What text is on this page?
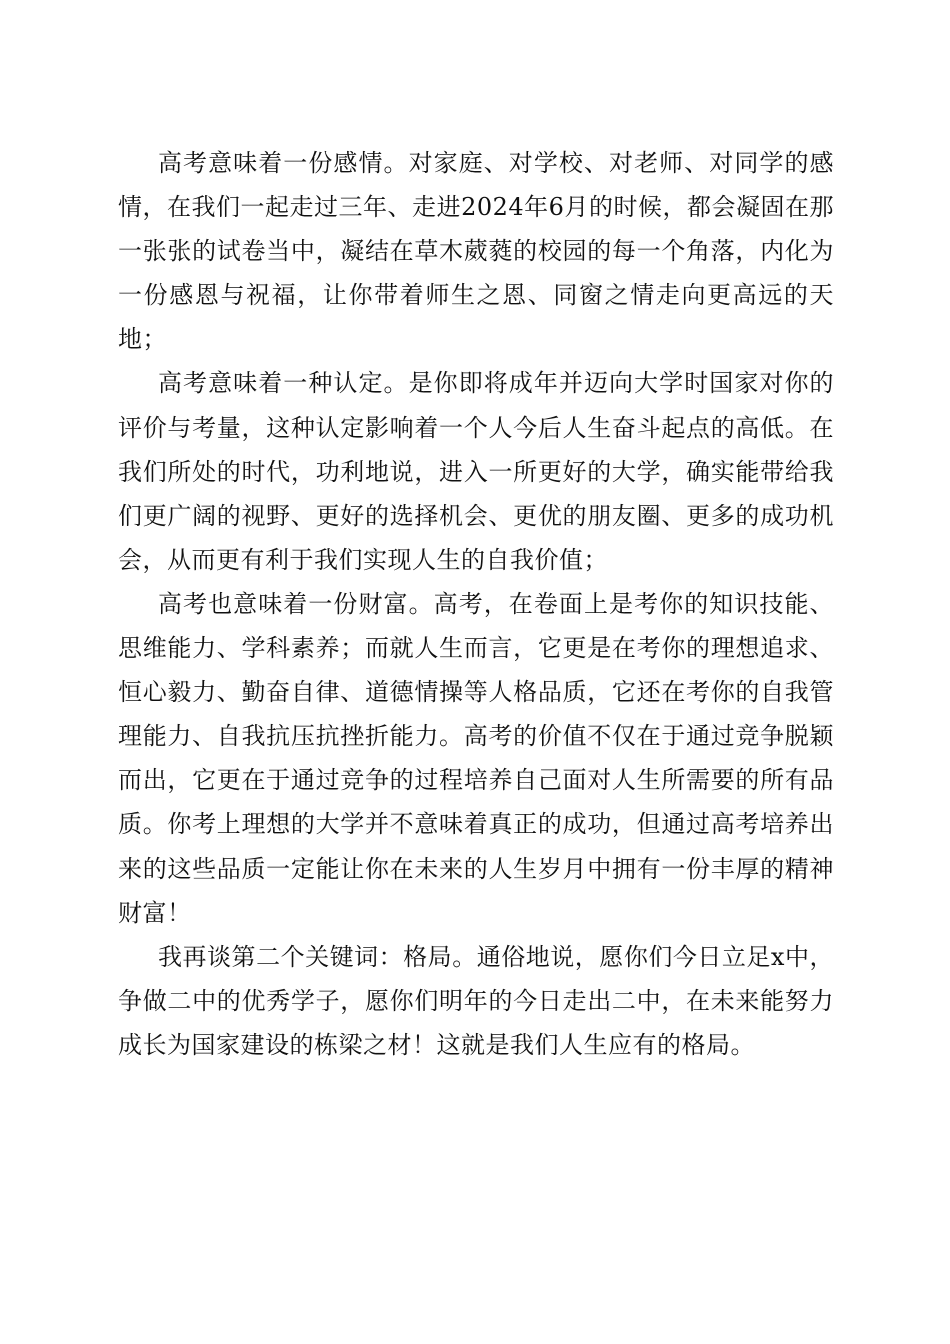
高考意味着一份感情。对家庭、对学校、对老师、对同学的感情，在我们一起走过三年、走进2024年6月的时候，都会凝固在那一张张的试卷当中，凝结在草木葳蕤的校园的每一个角落，内化为一份感恩与祝福，让你带着师生之恩、同窗之情走向更高远的天地；

高考意味着一种认定。是你即将成年并迈向大学时国家对你的评价与考量，这种认定影响着一个人今后人生奋斗起点的高低。在我们所处的时代，功利地说，进入一所更好的大学，确实能带给我们更广阔的视野、更好的选择机会、更优的朋友圈、更多的成功机会，从而更有利于我们实现人生的自我价值；

高考也意味着一份财富。高考，在卷面上是考你的知识技能、思维能力、学科素养；而就人生而言，它更是在考你的理想追求、恒心毅力、勤奋自律、道德情操等人格品质，它还在考你的自我管理能力、自我抗压抗挫折能力。高考的价值不仅在于通过竞争脱颖而出，它更在于通过竞争的过程培养自己面对人生所需要的所有品质。你考上理想的大学并不意味着真正的成功，但通过高考培养出来的这些品质一定能让你在未来的人生岁月中拥有一份丰厚的精神财富！

我再谈第二个关键词：格局。通俗地说，愿你们今日立足x中，争做二中的优秀学子，愿你们明年的今日走出二中，在未来能努力成长为国家建设的栋梁之材！这就是我们人生应有的格局。
